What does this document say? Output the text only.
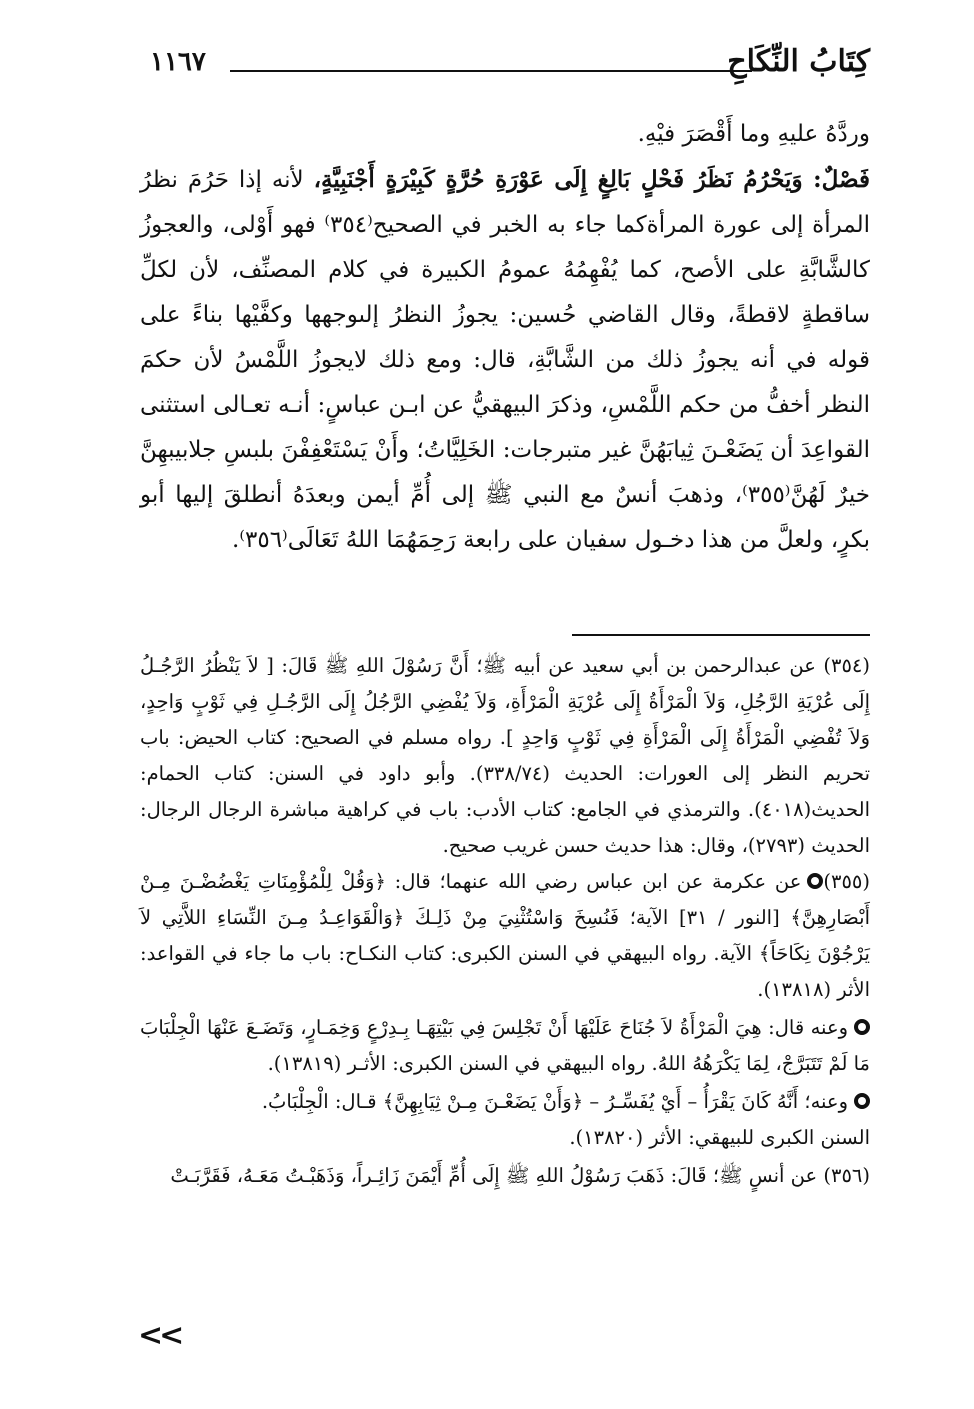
كِتَابُ النِّكَاحِ
١١٦٧

وردَّهُ عليهِ وما أَقْصَرَ فيْهِ.

فَصْلٌ: وَيَحْرُمُ نَظَرُ فَحْلٍ بَالِغٍ إِلَى عَوْرَةِ حُرَّةٍ كَبِيْرَةٍ أَجْنَبِيَّةٍ، لأنه إذا حَرُمَ نظرُ المرأة إلى عورة المرأةكما جاء به الخبر في الصحيح⁽٣٥٤⁾ فهو أَوْلى، والعجوزُ كالشَّابَّةِ على الأصح، كما يُفْهِمُهُ عمومُ الكبيرة في كلام المصنِّف، لأن لكلِّ ساقطةٍ لاقطةً، وقال القاضي حُسين: يجوزُ النظرُ إلىوجهها وكفَّيْها بناءً على قوله في أنه يجوزُ ذلك من الشَّابَّةِ، قال: ومع ذلك لايجوزُ اللَّمْسُ لأن حكمَ النظر أخفُّ من حكم اللَّمْسِ، وذكرَ البيهقيُّ عن ابـن عباسٍ: أنـه تعـالى استثنى القواعِدَ أن يَضَعْـنَ ثِيابَهُنَّ غير متبرجات: الخَلِيَّاتُ؛ وأَنْ يَسْتَعْفِفْنَ بلبسِ جلابيبهِنَّ خيرٌ لَهُنَّ⁽٣٥٥⁾، وذهبَ أنسٌ مع النبي ﷺ إلى أُمِّ أيمن وبعدَهُ أنطلقَ إليها أبو بكرٍ، ولعلَّ من هذا دخـول سفيان على رابعة رَحِمَهُمَا اللهُ تَعَالَى⁽٣٥٦⁾.

(٣٥٤) عن عبدالرحمن بن أبي سعيد عن أبيه ﷺ؛ أَنَّ رَسُوْلَ اللهِ ﷺ قَالَ: [ لاَ يَنْظُرُ الرَّجُـلُ إِلَى عُرْيَةِ الرَّجُلِ، وَلاَ الْمَرْأَةُ إِلَى عُرْيَةِ الْمَرْأَةِ، وَلاَ يُفْضِي الرَّجُلُ إِلَى الرَّجُـلِ فِي ثَوْبٍ وَاحِدٍ، وَلاَ تُفْضِي الْمَرْأَةُ إِلَى الْمَرْأَةِ فِي ثَوْبٍ وَاحِدٍ ]. رواه مسلم في الصحيح: كتاب الحيض: باب تحريم النظر إلى العورات: الحديث (٣٣٨/٧٤). وأبو داود في السنن: كتاب الحمام: الحديث(٤٠١٨). والترمذي في الجامع: كتاب الأدب: باب في كراهية مباشرة الرجال الرجال: الحديث (٢٧٩٣)، وقال: هذا حديث حسن غريب صحيح.

(٣٥٥)عن عكرمة عن ابن عباس رضي الله عنهما؛ قال: ﴿وَقُلْ لِلْمُؤْمِنَاتِ يَغْضُضْـنَ مِـنْ أَبْصَارِهِنَّ﴾ [النور / ٣١] الآية؛ فَنُسِخَ وَاسْتُثْنِيَ مِنْ ذَلِـكَ ﴿وَالْقَوَاعِـدُ مِـنَ النِّسَاءِ اللاَّتِي لاَ يَرْجُوْنَ نِكَاحَاً﴾ الآية. رواه البيهقي في السنن الكبرى: كتاب النكـاح: باب ما جاء في القواعد: الأثر (١٣٨١٨).

وعنه قال: هِيَ الْمَرْأَةُ لاَ جُنَاحَ عَلَيْهَا أَنْ تَجْلِسَ فِي بَيْتِهَـا بِـدِرْعٍ وَخِمَـارٍ، وَتَضَـعَ عَنْهَا الْجِلْبَابَ مَا لَمْ تَتَبَرَّجْ، لِمَا يَكْرَهُهُ اللهُ. رواه البيهقي في السنن الكبرى: الأثـر (١٣٨١٩).

وعنه؛ أَنَّهُ كَانَ يَقْرَأُ – أَيْ يُفَسِّـرُ – ﴿وَأَنْ يَضَعْـنَ مِـنْ ثِيَابِهِنَّ﴾ قـال: الْجِلْبَابُ.

السنن الكبرى للبيهقي: الأثر (١٣٨٢٠).

(٣٥٦) عن أنسٍ ﷺ؛ قَالَ: ذَهَبَ رَسُوْلُ اللهِ ﷺ إِلَى أُمِّ أَيْمَنَ زَائِـراً، وَذَهَبْـتُ مَعَـهُ، فَقَرَّبَـتْ

<<
